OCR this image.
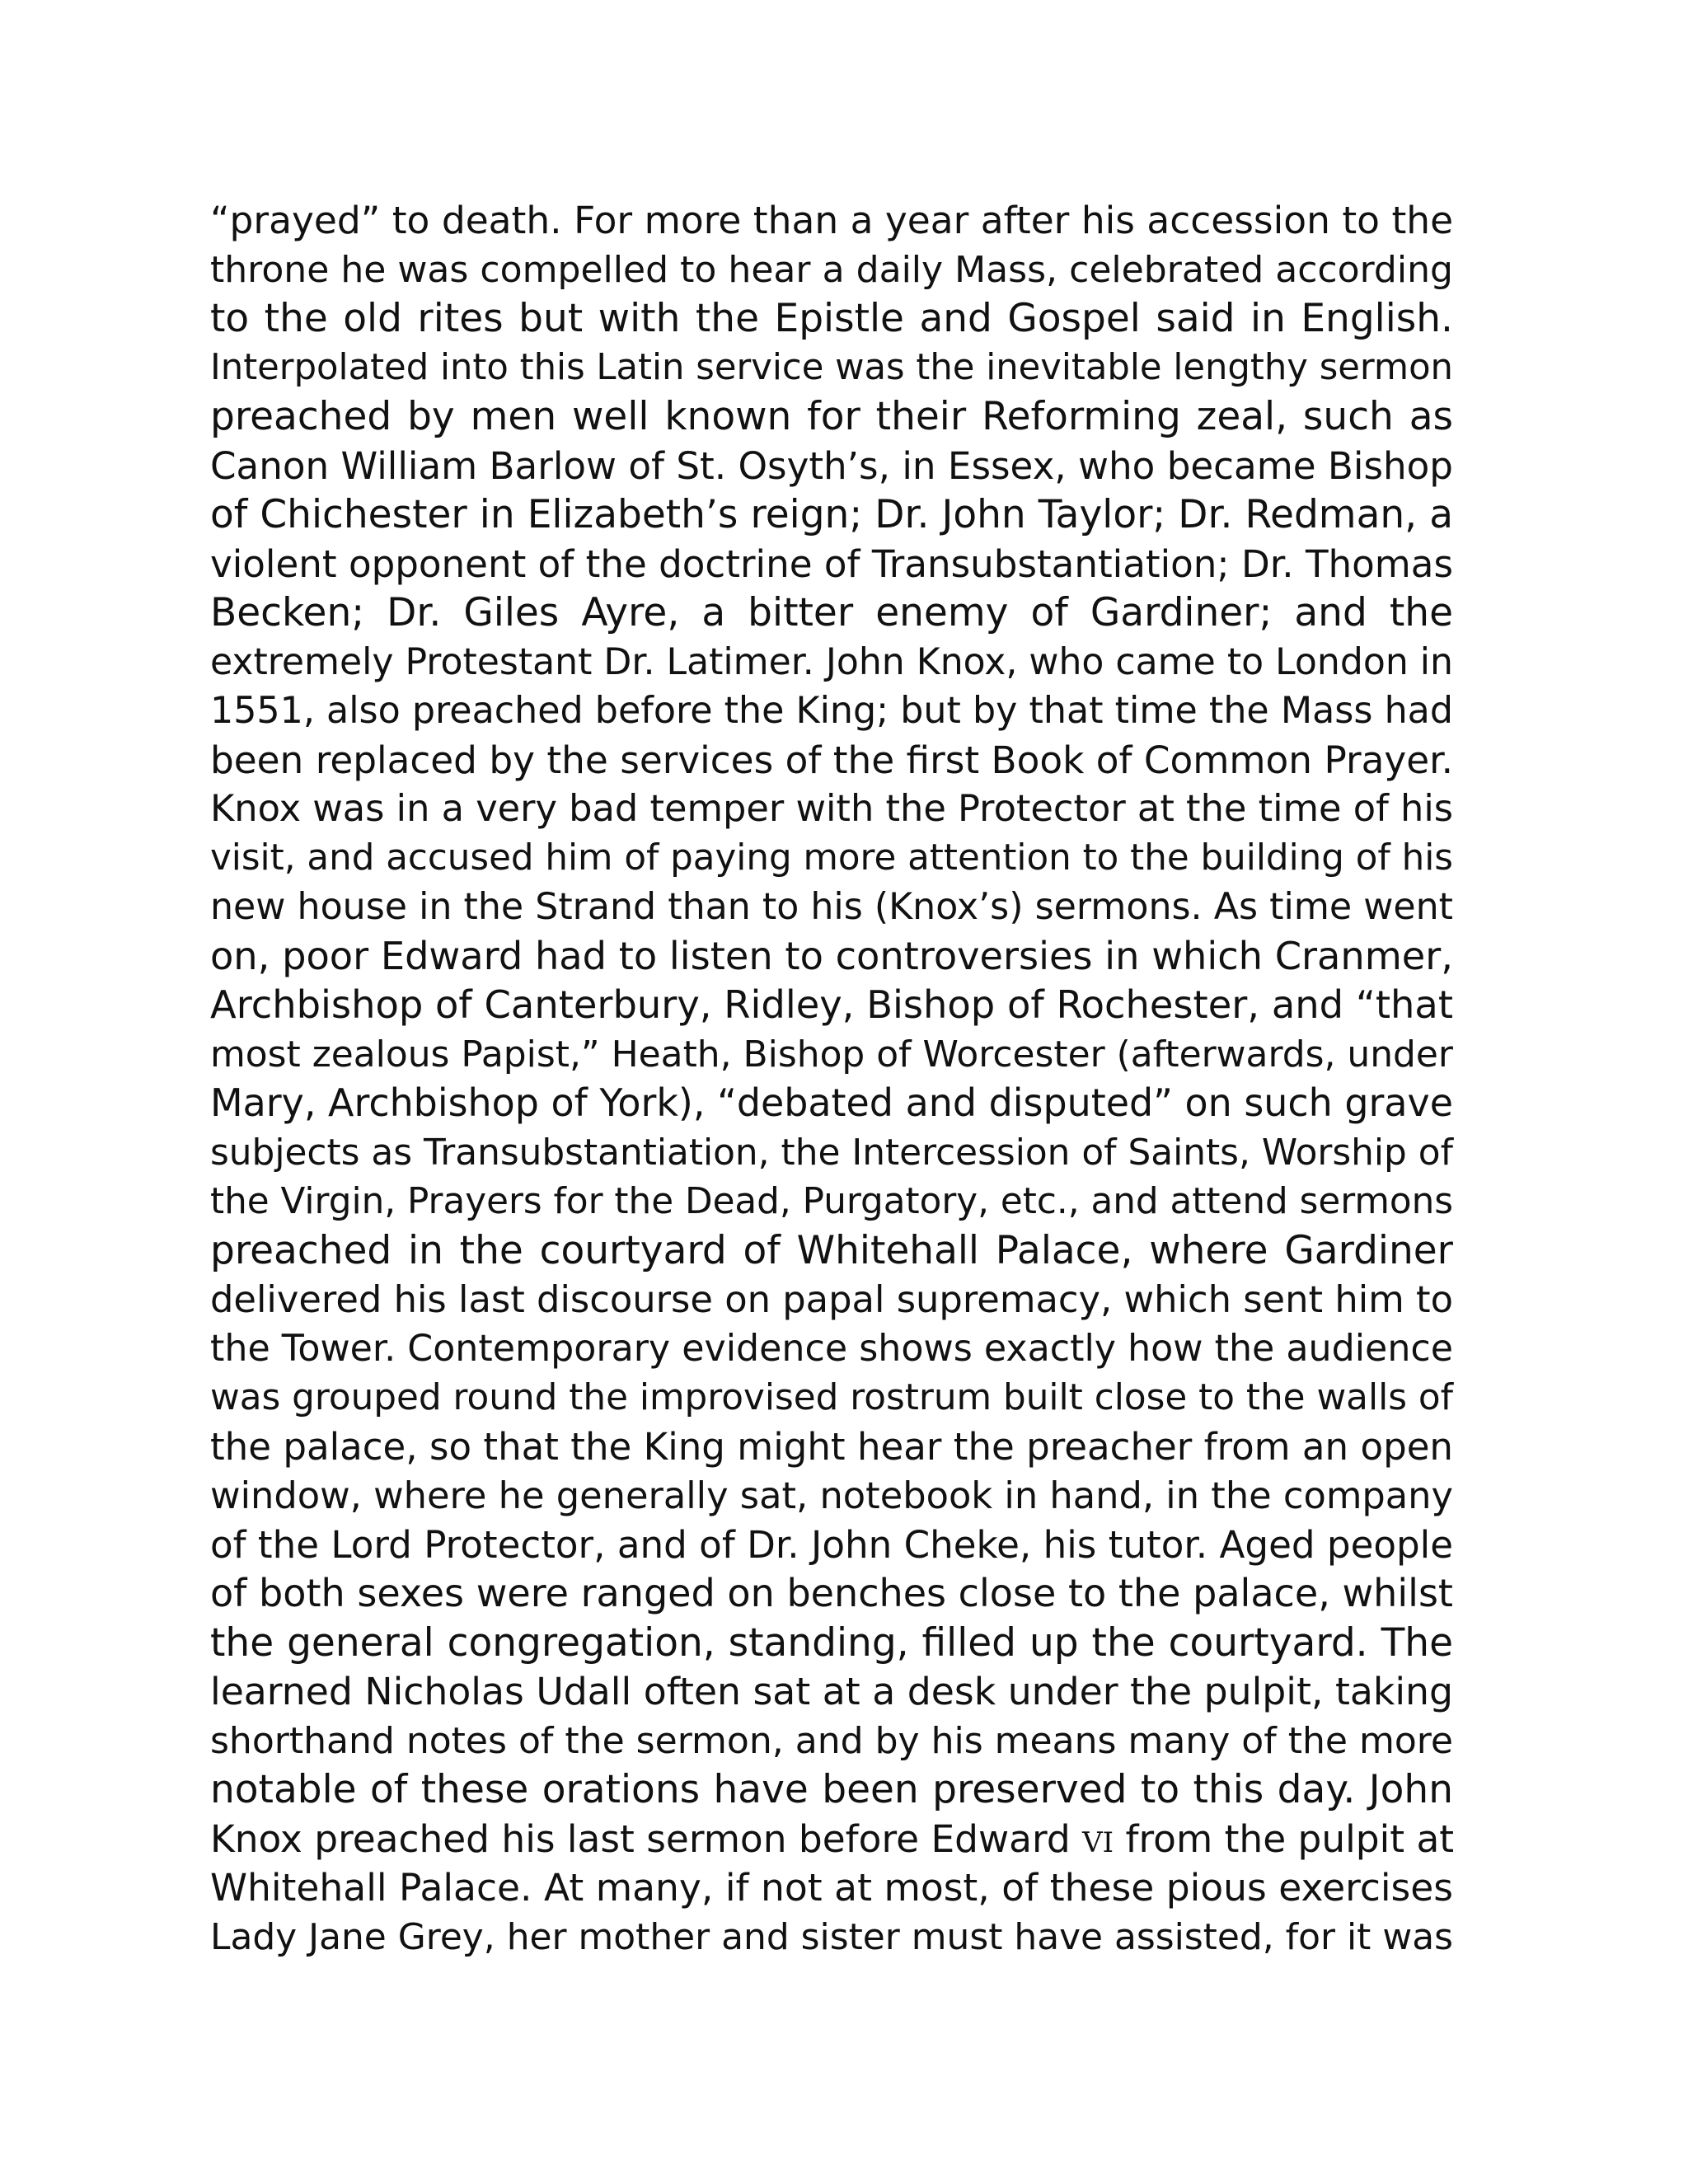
“prayed” to death. For more than a year after his accession to the
throne he was compelled to hear a daily Mass, celebrated according
to the old rites but with the Epistle and Gospel said in English.
Interpolated into this Latin service was the inevitable lengthy sermon
preached by men well known for their Reforming zeal, such as
Canon William Barlow of St. Osyth’s, in Essex, who became Bishop
of Chichester in Elizabeth’s reign; Dr. John Taylor; Dr. Redman, a
violent opponent of the doctrine of Transubstantiation; Dr. Thomas
Becken; Dr. Giles Ayre, a bitter enemy of Gardiner; and the
extremely Protestant Dr. Latimer. John Knox, who came to London in
1551, also preached before the King; but by that time the Mass had
been replaced by the services of the first Book of Common Prayer.
Knox was in a very bad temper with the Protector at the time of his
visit, and accused him of paying more attention to the building of his
new house in the Strand than to his (Knox’s) sermons. As time went
on, poor Edward had to listen to controversies in which Cranmer,
Archbishop of Canterbury, Ridley, Bishop of Rochester, and “that
most zealous Papist,” Heath, Bishop of Worcester (afterwards, under
Mary, Archbishop of York), “debated and disputed” on such grave
subjects as Transubstantiation, the Intercession of Saints, Worship of
the Virgin, Prayers for the Dead, Purgatory, etc., and attend sermons
preached in the courtyard of Whitehall Palace, where Gardiner
delivered his last discourse on papal supremacy, which sent him to
the Tower. Contemporary evidence shows exactly how the audience
was grouped round the improvised rostrum built close to the walls of
the palace, so that the King might hear the preacher from an open
window, where he generally sat, notebook in hand, in the company
of the Lord Protector, and of Dr. John Cheke, his tutor. Aged people
of both sexes were ranged on benches close to the palace, whilst
the general congregation, standing, filled up the courtyard. The
learned Nicholas Udall often sat at a desk under the pulpit, taking
shorthand notes of the sermon, and by his means many of the more
notable of these orations have been preserved to this day. John
Knox preached his last sermon before Edward VI from the pulpit at
Whitehall Palace. At many, if not at most, of these pious exercises
Lady Jane Grey, her mother and sister must have assisted, for it was
